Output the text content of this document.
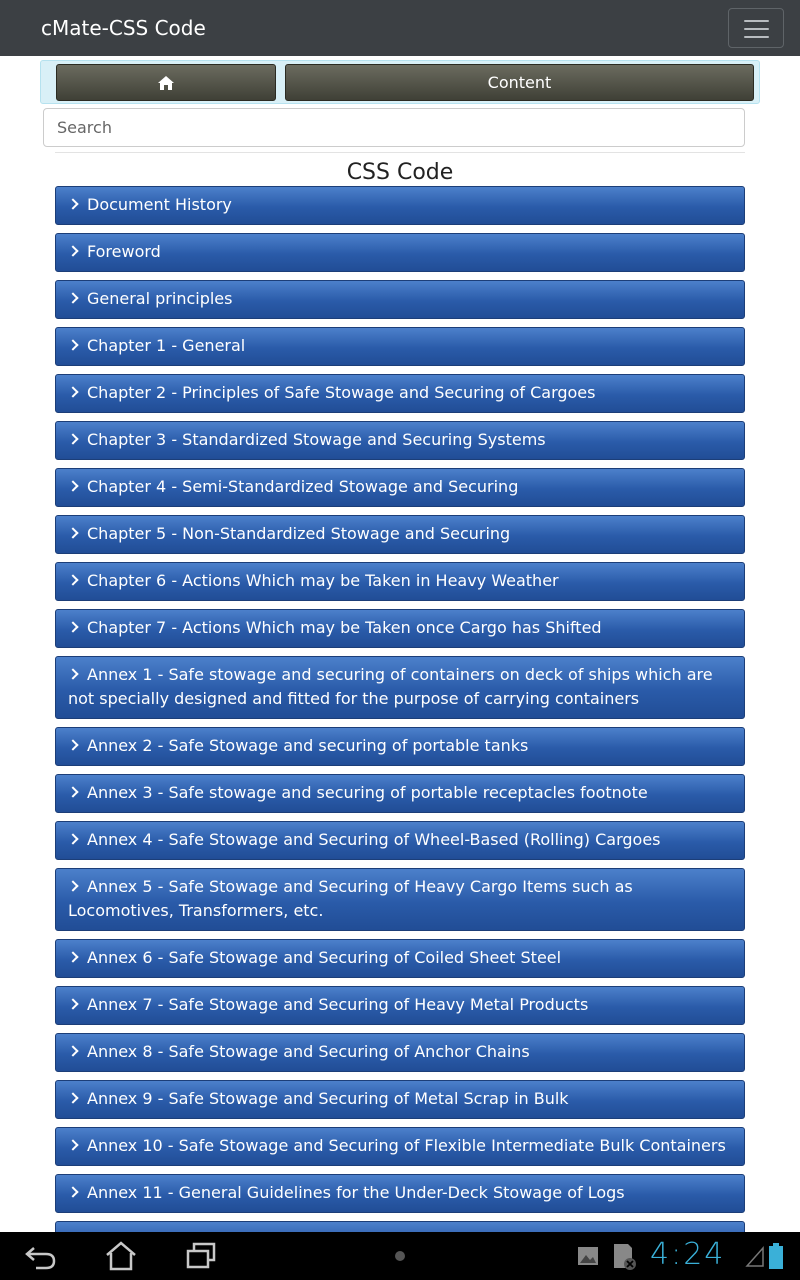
cMate-CSS Code
Content
Search
CSS Code
Document History
Foreword
General principles
Chapter 1 - General
Chapter 2 - Principles of Safe Stowage and Securing of Cargoes
Chapter 3 - Standardized Stowage and Securing Systems
Chapter 4 - Semi-Standardized Stowage and Securing
Chapter 5 - Non-Standardized Stowage and Securing
Chapter 6 - Actions Which may be Taken in Heavy Weather
Chapter 7 - Actions Which may be Taken once Cargo has Shifted
Annex 1 - Safe stowage and securing of containers on deck of ships which are not specially designed and fitted for the purpose of carrying containers
Annex 2 - Safe Stowage and securing of portable tanks
Annex 3 - Safe stowage and securing of portable receptacles footnote
Annex 4 - Safe Stowage and Securing of Wheel-Based (Rolling) Cargoes
Annex 5 - Safe Stowage and Securing of Heavy Cargo Items such as Locomotives, Transformers, etc.
Annex 6 - Safe Stowage and Securing of Coiled Sheet Steel
Annex 7 - Safe Stowage and Securing of Heavy Metal Products
Annex 8 - Safe Stowage and Securing of Anchor Chains
Annex 9 - Safe Stowage and Securing of Metal Scrap in Bulk
Annex 10 - Safe Stowage and Securing of Flexible Intermediate Bulk Containers
Annex 11 - General Guidelines for the Under-Deck Stowage of Logs
4:24
